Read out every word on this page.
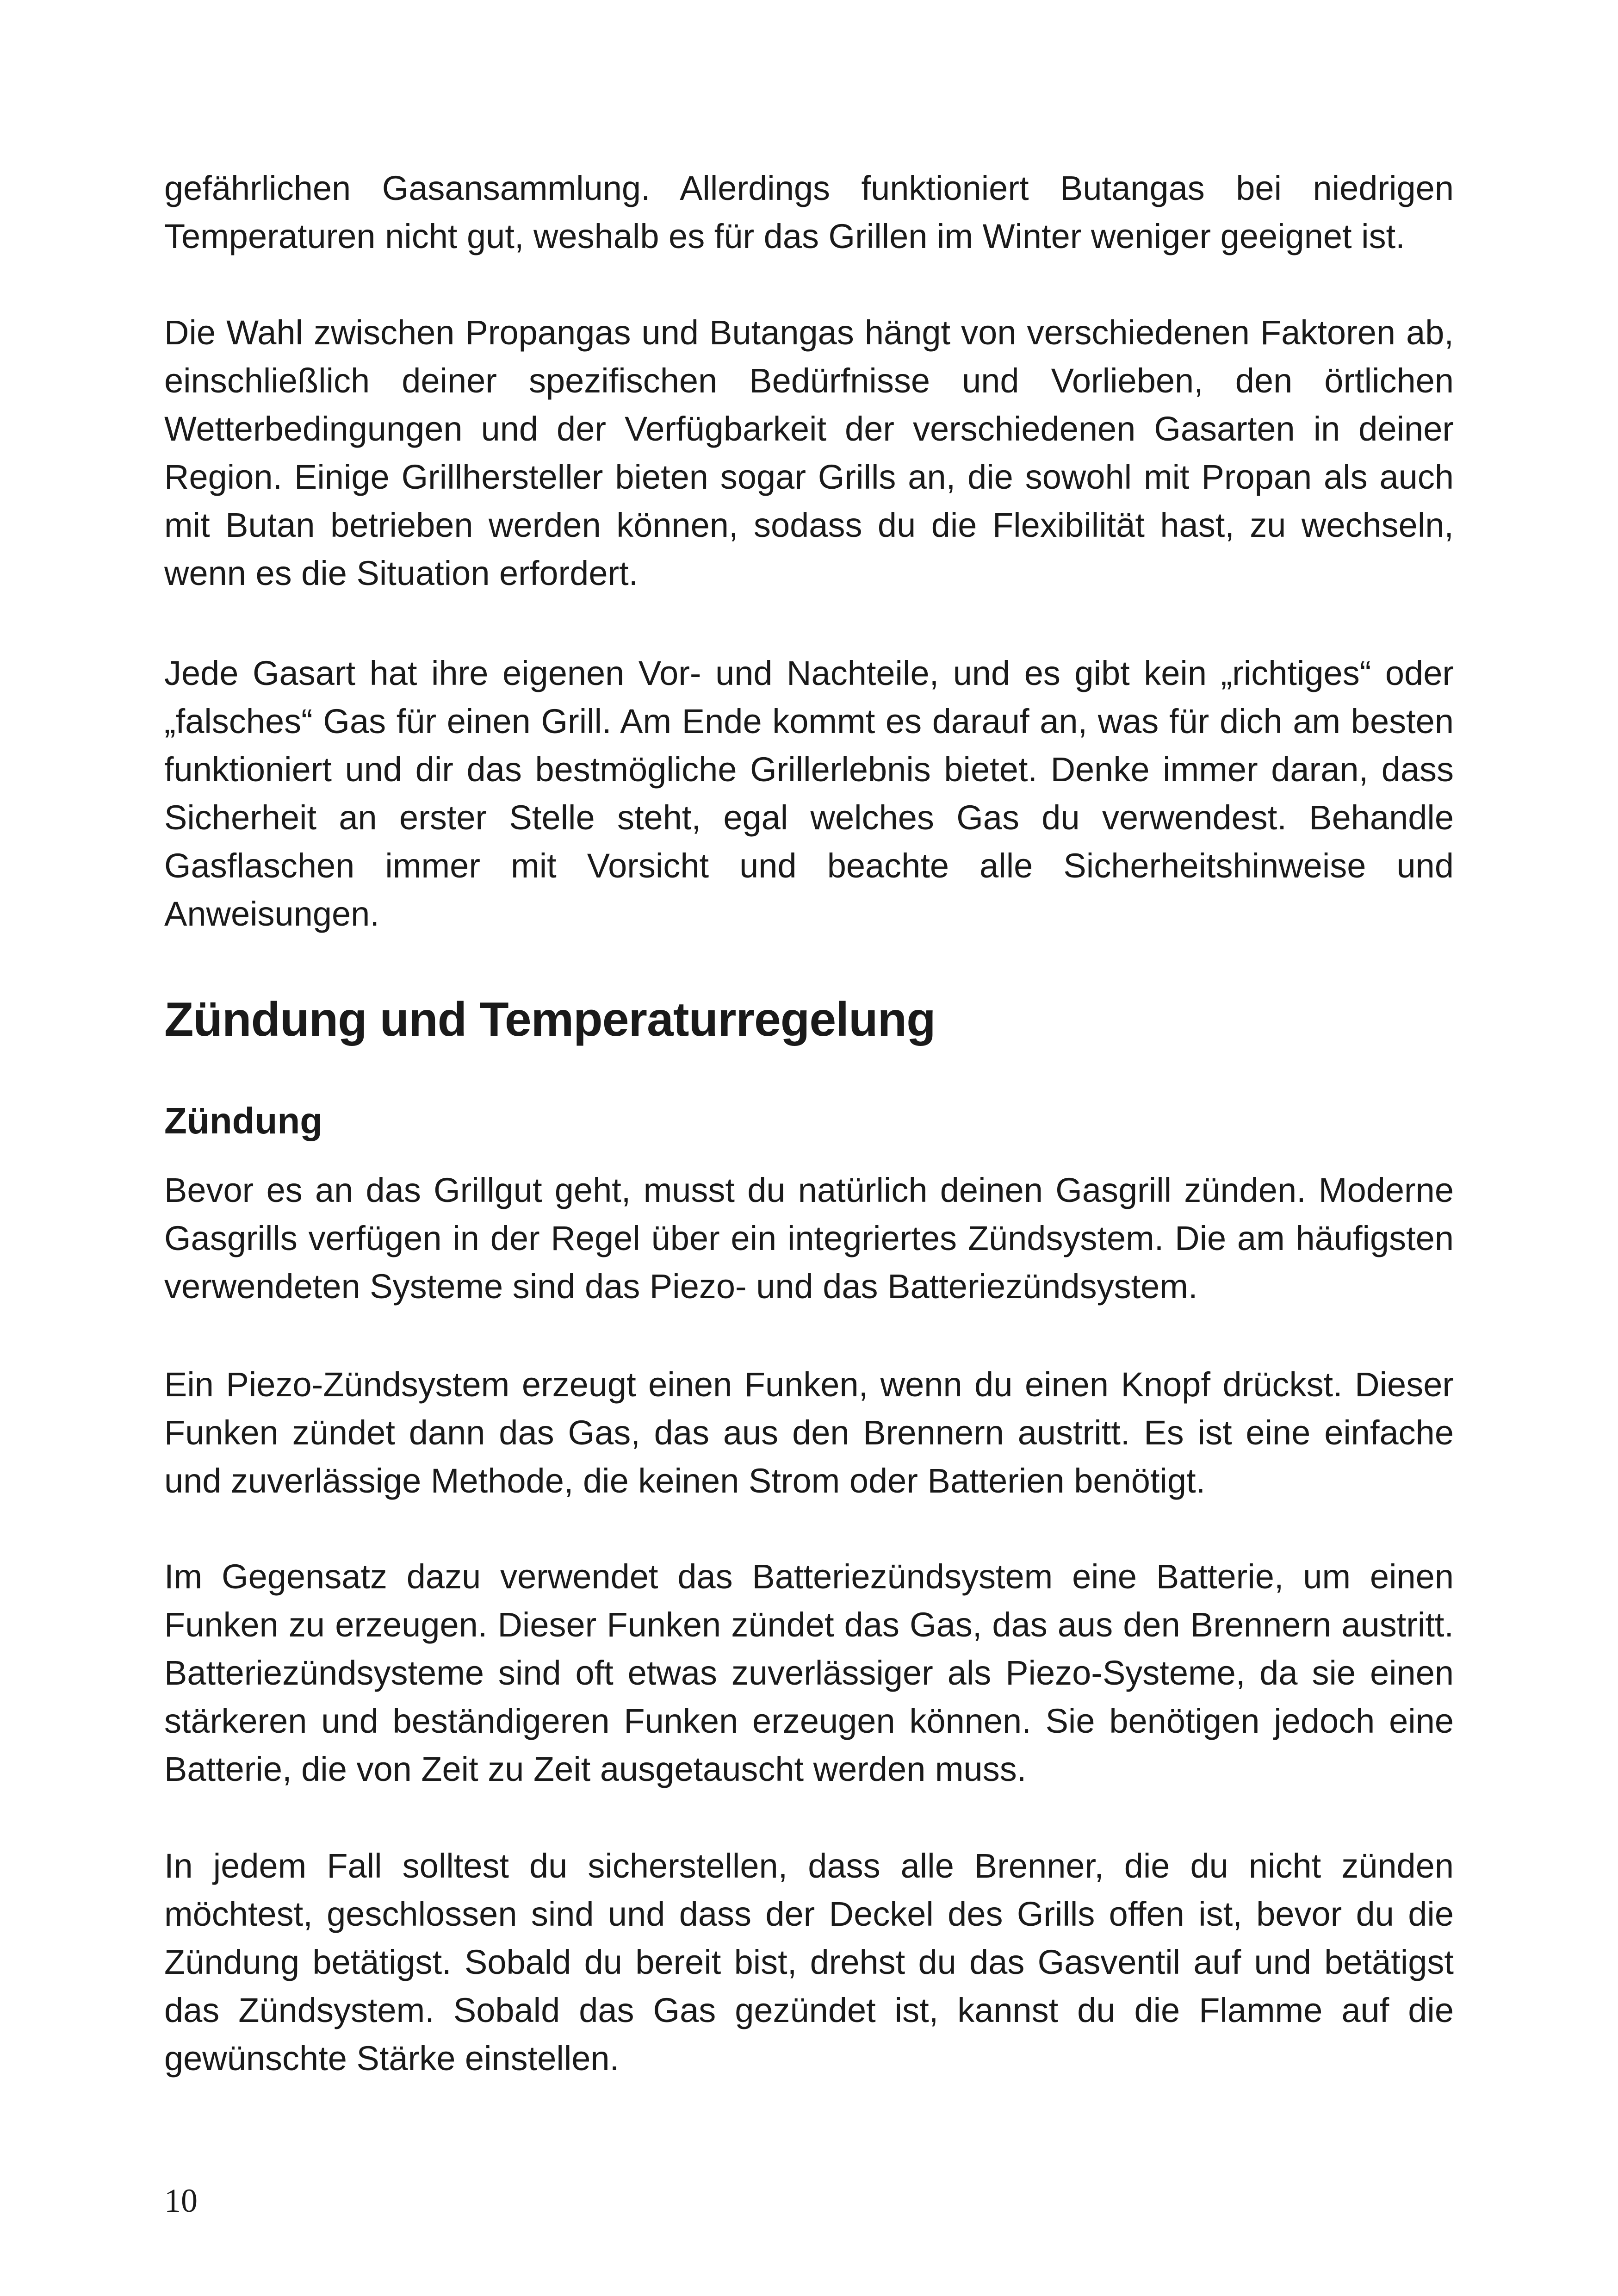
gefährlichen Gasansammlung. Allerdings funktioniert Butangas bei niedrigen Temperaturen nicht gut, weshalb es für das Grillen im Winter weniger geeignet ist.

Die Wahl zwischen Propangas und Butangas hängt von verschiedenen Faktoren ab, einschließlich deiner spezifischen Bedürfnisse und Vorlieben, den örtlichen Wetterbedingungen und der Verfügbarkeit der verschiedenen Gasarten in deiner Region. Einige Grillhersteller bieten sogar Grills an, die sowohl mit Propan als auch mit Butan betrieben werden können, sodass du die Flexibilität hast, zu wechseln, wenn es die Situation erfordert.

Jede Gasart hat ihre eigenen Vor- und Nachteile, und es gibt kein „richtiges“ oder „falsches“ Gas für einen Grill. Am Ende kommt es darauf an, was für dich am besten funktioniert und dir das bestmögliche Grillerlebnis bietet. Denke immer daran, dass Sicherheit an erster Stelle steht, egal welches Gas du verwendest. Behandle Gasflaschen immer mit Vorsicht und beachte alle Sicherheitshinweise und Anweisungen.

Zündung und Temperaturregelung
Zündung

Bevor es an das Grillgut geht, musst du natürlich deinen Gasgrill zünden. Moderne Gasgrills verfügen in der Regel über ein integriertes Zündsystem. Die am häufigsten verwendeten Systeme sind das Piezo- und das Batteriezündsystem.

Ein Piezo-Zündsystem erzeugt einen Funken, wenn du einen Knopf drückst. Dieser Funken zündet dann das Gas, das aus den Brennern austritt. Es ist eine einfache und zuverlässige Methode, die keinen Strom oder Batterien benötigt.

Im Gegensatz dazu verwendet das Batteriezündsystem eine Batterie, um einen Funken zu erzeugen. Dieser Funken zündet das Gas, das aus den Brennern austritt. Batteriezündsysteme sind oft etwas zuverlässiger als Piezo-Systeme, da sie einen stärkeren und beständigeren Funken erzeugen können. Sie benötigen jedoch eine Batterie, die von Zeit zu Zeit ausgetauscht werden muss.

In jedem Fall solltest du sicherstellen, dass alle Brenner, die du nicht zünden möchtest, geschlossen sind und dass der Deckel des Grills offen ist, bevor du die Zündung betätigst. Sobald du bereit bist, drehst du das Gasventil auf und betätigst das Zündsystem. Sobald das Gas gezündet ist, kannst du die Flamme auf die gewünschte Stärke einstellen.

10
